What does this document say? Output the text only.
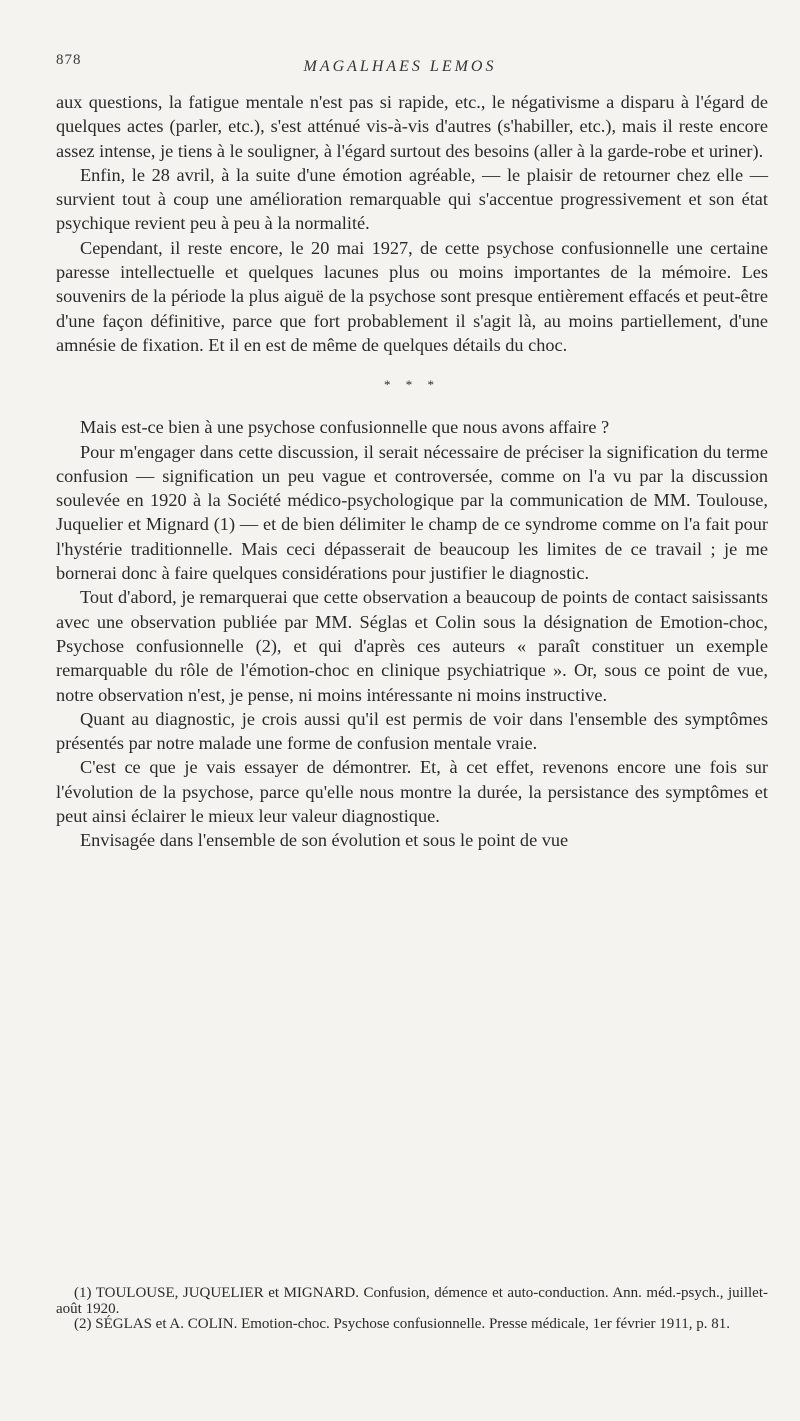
878	MAGALHAES LEMOS

aux questions, la fatigue mentale n'est pas si rapide, etc., le négativisme a disparu à l'égard de quelques actes (parler, etc.), s'est atténué vis-à-vis d'autres (s'habiller, etc.), mais il reste encore assez intense, je tiens à le souligner, à l'égard surtout des besoins (aller à la garde-robe et uriner).

Enfin, le 28 avril, à la suite d'une émotion agréable, — le plaisir de retourner chez elle — survient tout à coup une amélioration remarquable qui s'accentue progressivement et son état psychique revient peu à peu à la normalité.

Cependant, il reste encore, le 20 mai 1927, de cette psychose confusionnelle une certaine paresse intellectuelle et quelques lacunes plus ou moins importantes de la mémoire. Les souvenirs de la période la plus aiguë de la psychose sont presque entièrement effacés et peut-être d'une façon définitive, parce que fort probablement il s'agit là, au moins partiellement, d'une amnésie de fixation. Et il en est de même de quelques détails du choc.

* * *

Mais est-ce bien à une psychose confusionnelle que nous avons affaire ?

Pour m'engager dans cette discussion, il serait nécessaire de préciser la signification du terme confusion — signification un peu vague et controversée, comme on l'a vu par la discussion soulevée en 1920 à la Société médico-psychologique par la communication de MM. Toulouse, Juquelier et Mignard (1) — et de bien délimiter le champ de ce syndrome comme on l'a fait pour l'hystérie traditionnelle. Mais ceci dépasserait de beaucoup les limites de ce travail ; je me bornerai donc à faire quelques considérations pour justifier le diagnostic.

Tout d'abord, je remarquerai que cette observation a beaucoup de points de contact saisissants avec une observation publiée par MM. Séglas et Colin sous la désignation de Emotion-choc, Psychose confusionnelle (2), et qui d'après ces auteurs « paraît constituer un exemple remarquable du rôle de l'émotion-choc en clinique psychiatrique ». Or, sous ce point de vue, notre observation n'est, je pense, ni moins intéressante ni moins instructive.

Quant au diagnostic, je crois aussi qu'il est permis de voir dans l'ensemble des symptômes présentés par notre malade une forme de confusion mentale vraie.

C'est ce que je vais essayer de démontrer. Et, à cet effet, revenons encore une fois sur l'évolution de la psychose, parce qu'elle nous montre la durée, la persistance des symptômes et peut ainsi éclairer le mieux leur valeur diagnostique.

Envisagée dans l'ensemble de son évolution et sous le point de vue

(1) TOULOUSE, JUQUELIER et MIGNARD. Confusion, démence et auto-conduction. Ann. méd.-psych., juillet-août 1920.

(2) SÉGLAS et A. COLIN. Emotion-choc. Psychose confusionnelle. Presse médicale, 1er février 1911, p. 81.
